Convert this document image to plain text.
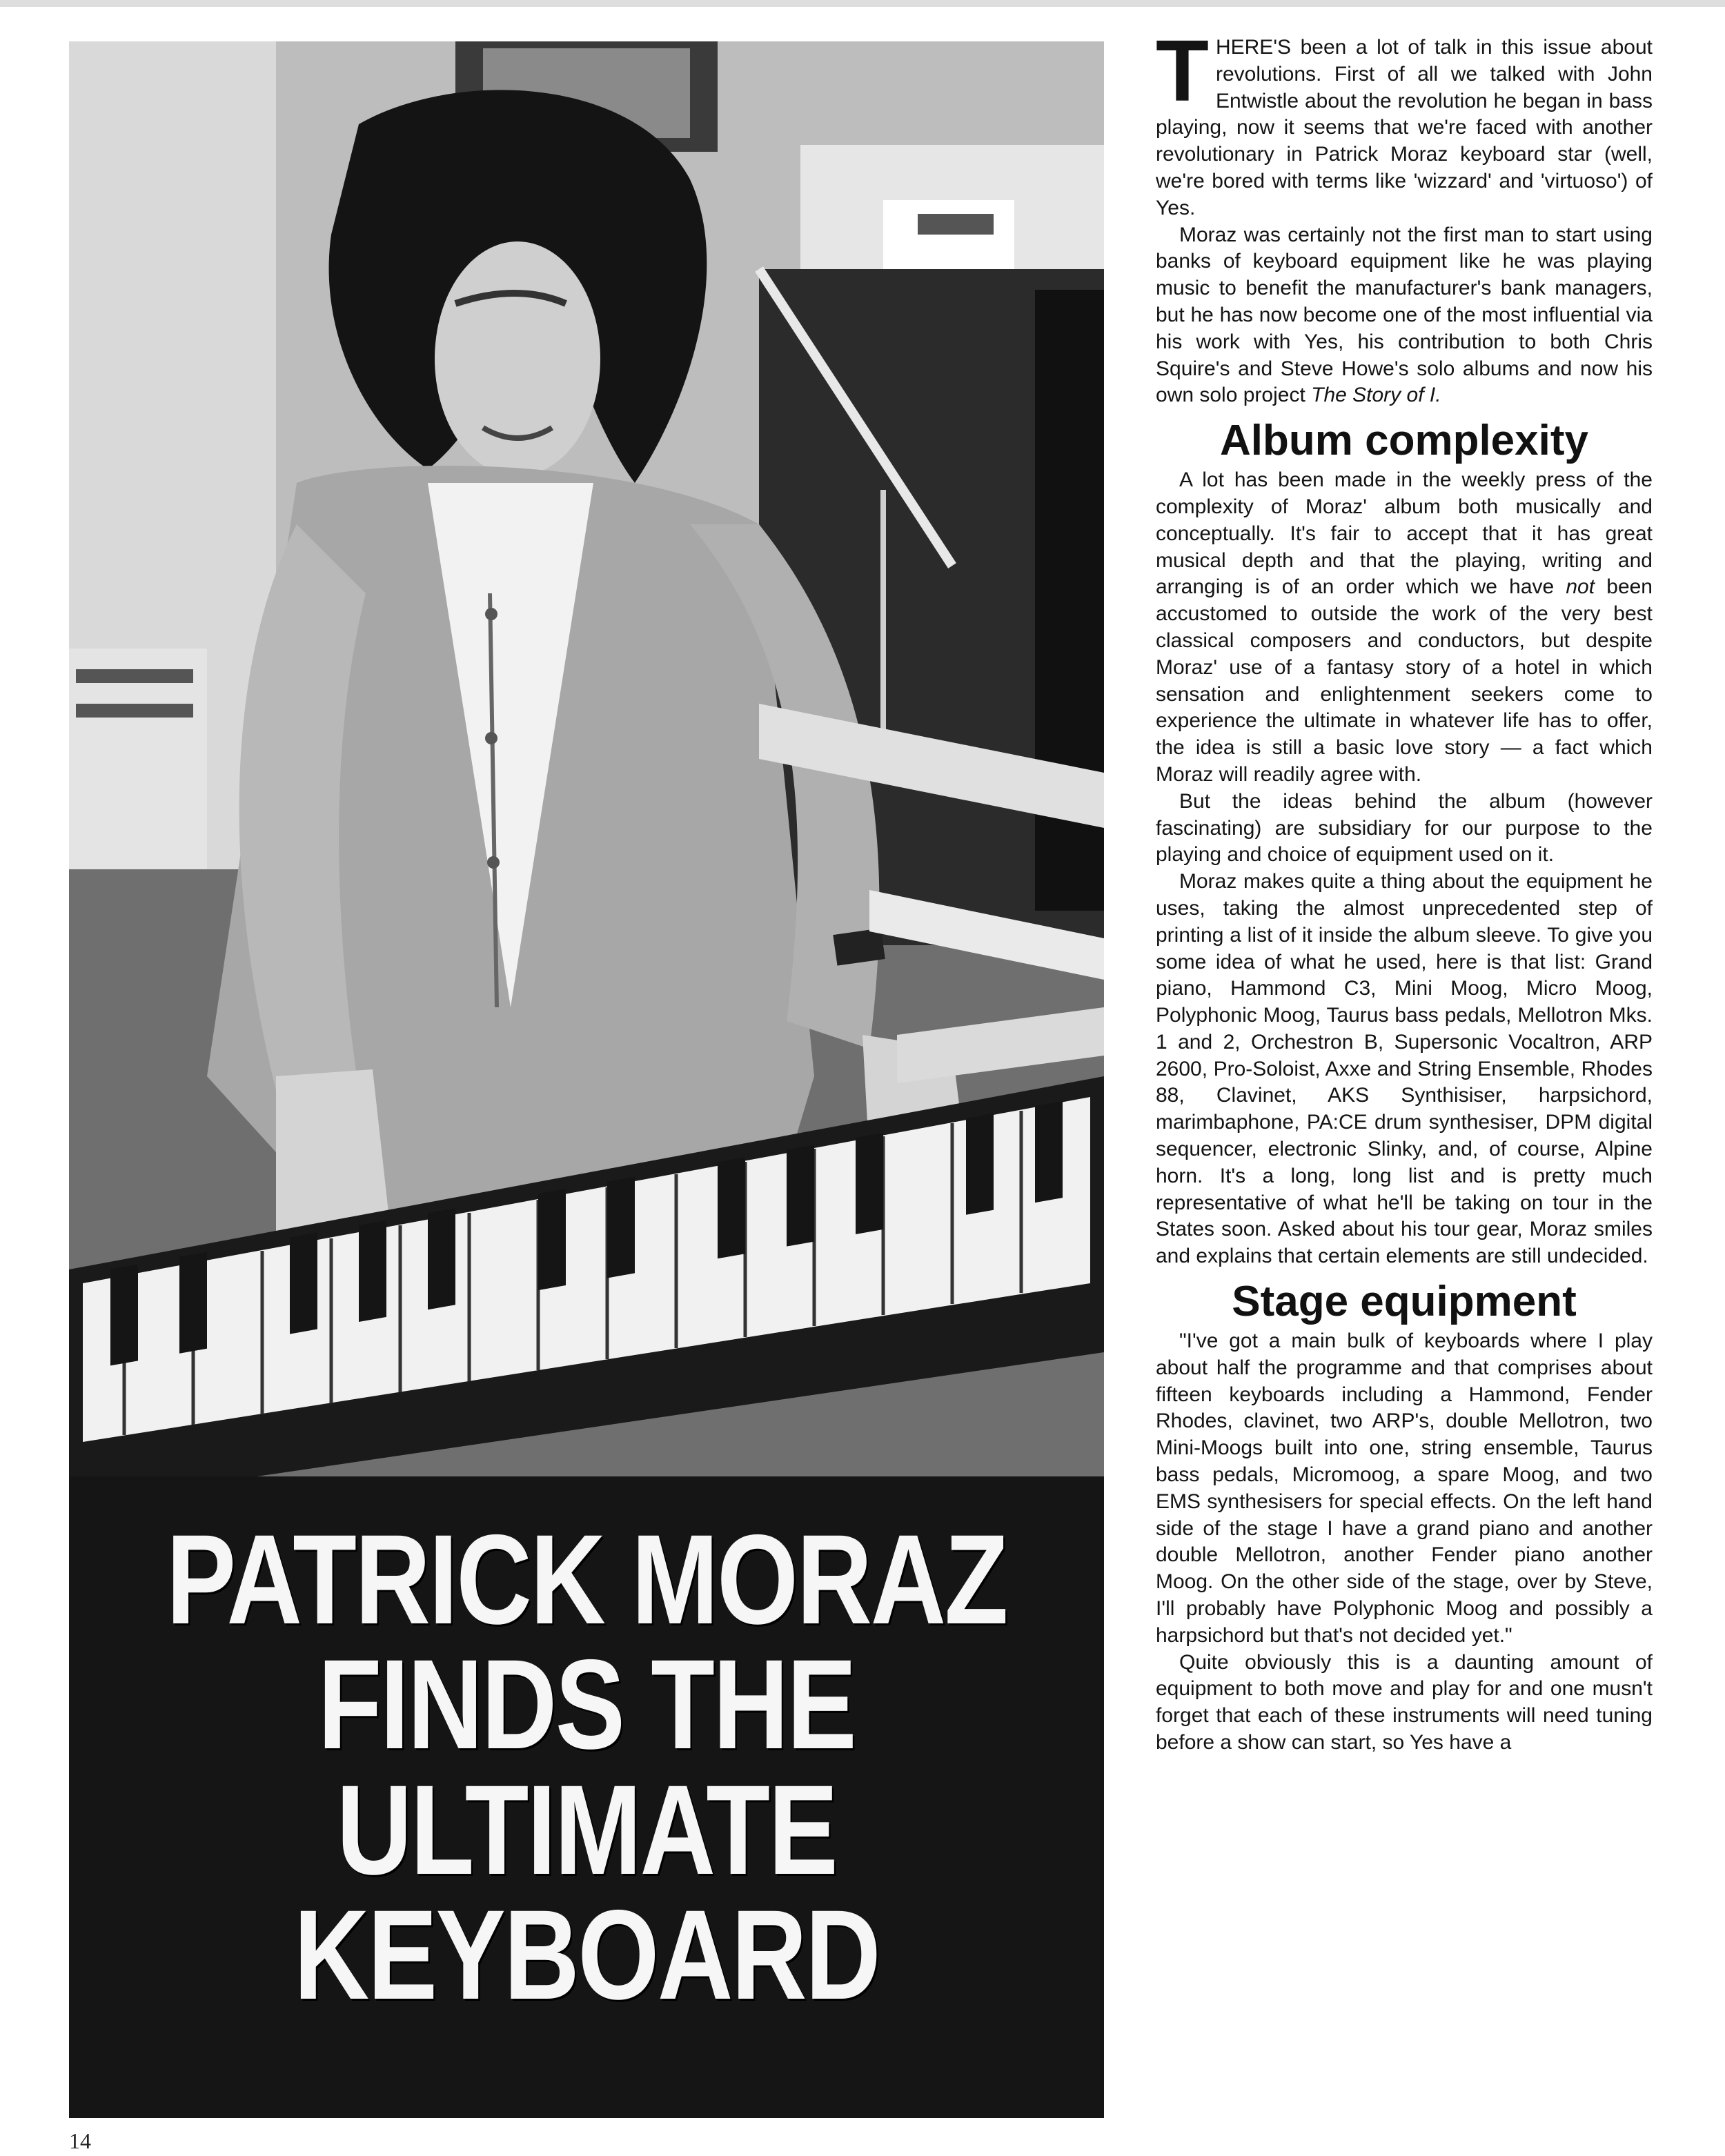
PATRICK MORAZ
FINDS THE
ULTIMATE
KEYBOARD

THERE'S been a lot of talk in this issue about revolutions. First of all we talked with John Entwistle about the revolution he began in bass playing, now it seems that we're faced with another revolutionary in Patrick Moraz keyboard star (well, we're bored with terms like 'wizzard' and 'virtuoso') of Yes.

Moraz was certainly not the first man to start using banks of keyboard equipment like he was playing music to benefit the manufacturer's bank managers, but he has now become one of the most influential via his work with Yes, his contribution to both Chris Squire's and Steve Howe's solo albums and now his own solo project The Story of I.

Album complexity

A lot has been made in the weekly press of the complexity of Moraz' album both musically and conceptually. It's fair to accept that it has great musical depth and that the playing, writing and arranging is of an order which we have not been accustomed to outside the work of the very best classical composers and conductors, but despite Moraz' use of a fantasy story of a hotel in which sensation and enlightenment seekers come to experience the ultimate in whatever life has to offer, the idea is still a basic love story — a fact which Moraz will readily agree with.

But the ideas behind the album (however fascinating) are subsidiary for our purpose to the playing and choice of equipment used on it.

Moraz makes quite a thing about the equipment he uses, taking the almost unprecedented step of printing a list of it inside the album sleeve. To give you some idea of what he used, here is that list: Grand piano, Hammond C3, Mini Moog, Micro Moog, Polyphonic Moog, Taurus bass pedals, Mellotron Mks. 1 and 2, Orchestron B, Supersonic Vocaltron, ARP 2600, Pro-Soloist, Axxe and String Ensemble, Rhodes 88, Clavinet, AKS Synthisiser, harpsichord, marimbaphone, PA:CE drum synthesiser, DPM digital sequencer, electronic Slinky, and, of course, Alpine horn. It's a long, long list and is pretty much representative of what he'll be taking on tour in the States soon. Asked about his tour gear, Moraz smiles and explains that certain elements are still undecided.

Stage equipment

"I've got a main bulk of keyboards where I play about half the programme and that comprises about fifteen keyboards including a Hammond, Fender Rhodes, clavinet, two ARP's, double Mellotron, two Mini-Moogs built into one, string ensemble, Taurus bass pedals, Micromoog, a spare Moog, and two EMS synthesisers for special effects. On the left hand side of the stage I have a grand piano and another double Mellotron, another Fender piano another Moog. On the other side of the stage, over by Steve, I'll probably have Polyphonic Moog and possibly a harpsichord but that's not decided yet."

Quite obviously this is a daunting amount of equipment to both move and play for and one musn't forget that each of these instruments will need tuning before a show can start, so Yes have a

14
